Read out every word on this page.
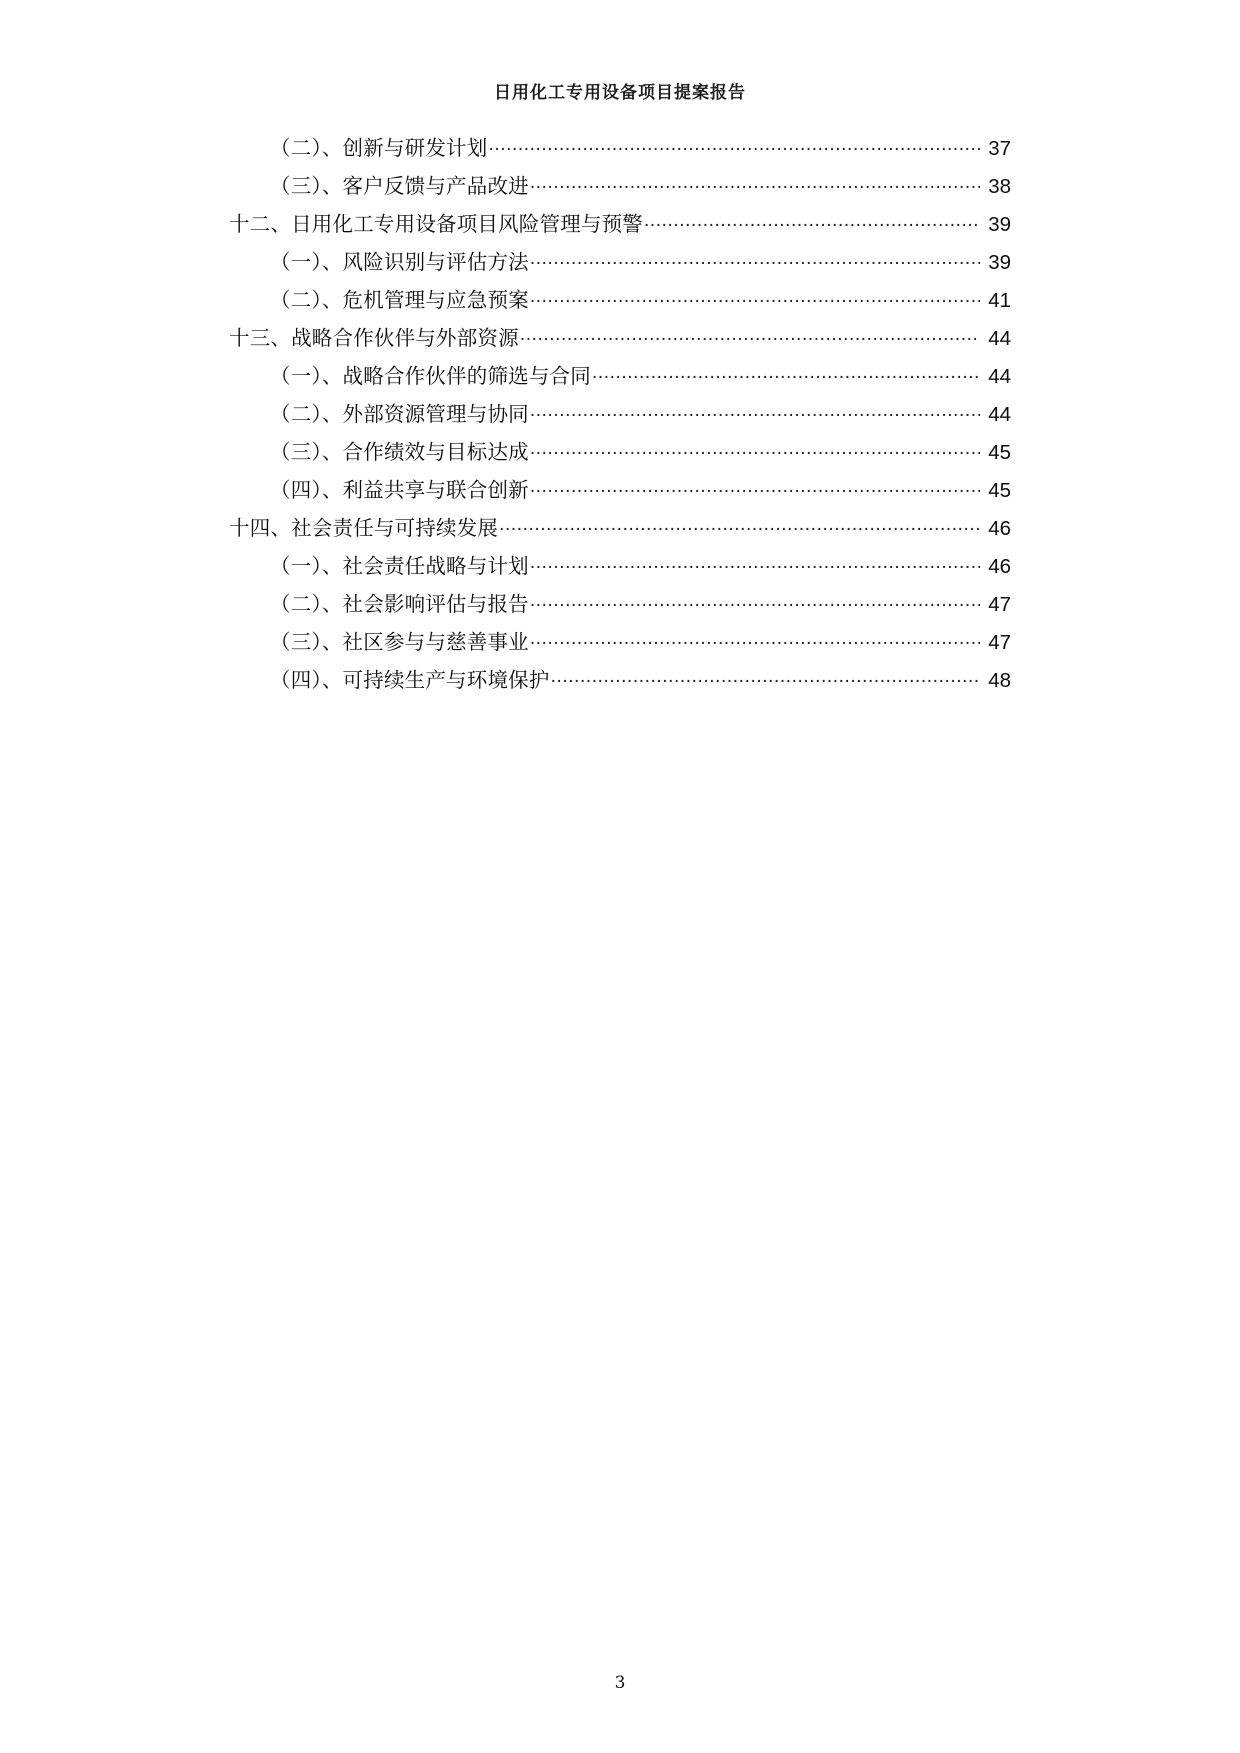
日用化工专用设备项目提案报告
（二）、创新与研发计划 .....	37
（三）、客户反馈与产品改进 .....	38
十二、日用化工专用设备项目风险管理与预警 .....	39
（一）、风险识别与评估方法 .....	39
（二）、危机管理与应急预案 .....	41
十三、战略合作伙伴与外部资源 .....	44
（一）、战略合作伙伴的筛选与合同 .....	44
（二）、外部资源管理与协同 .....	44
（三）、合作绩效与目标达成 .....	45
（四）、利益共享与联合创新 .....	45
十四、社会责任与可持续发展 .....	46
（一）、社会责任战略与计划 .....	46
（二）、社会影响评估与报告 .....	47
（三）、社区参与与慈善事业 .....	47
（四）、可持续生产与环境保护 .....	48
3
